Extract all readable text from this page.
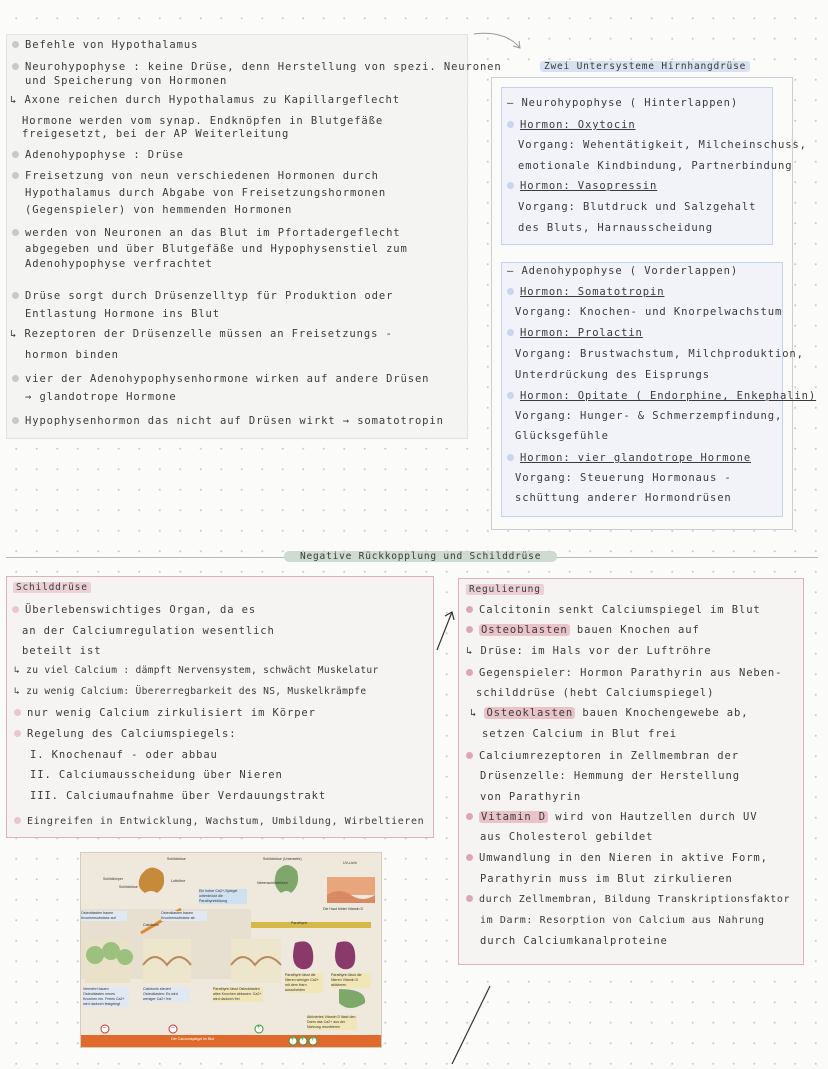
Befehle von Hypothalamus
Neurohypophyse : keine Drüse, denn Herstellung von spezi. Neuronen
und Speicherung von Hormonen
↳ Axone reichen durch Hypothalamus zu Kapillargeflecht
Hormone werden vom synap. Endknöpfen in Blutgefäße
freigesetzt, bei der AP Weiterleitung
Adenohypophyse : Drüse
Freisetzung von neun verschiedenen Hormonen durch
Hypothalamus durch Abgabe von Freisetzungshormonen
(Gegenspieler) von hemmenden Hormonen
werden von Neuronen an das Blut im Pfortadergeflecht
abgegeben und über Blutgefäße und Hypophysenstiel zum
Adenohypophyse verfrachtet
Drüse sorgt durch Drüsenzelltyp für Produktion oder
Entlastung Hormone ins Blut
↳ Rezeptoren der Drüsenzelle müssen an Freisetzungs -
hormon binden
vier der Adenohypophysenhormone wirken auf andere Drüsen
→ glandotrope Hormone
Hypophysenhormon das nicht auf Drüsen wirkt → somatotropin
Zwei Untersysteme Hirnhangdrüse
– Neurohypophyse ( Hinterlappen)
Hormon: Oxytocin
Vorgang: Wehentätigkeit, Milcheinschuss,
emotionale Kindbindung, Partnerbindung
Hormon: Vasopressin
Vorgang: Blutdruck und Salzgehalt
des Bluts, Harnausscheidung
– Adenohypophyse ( Vorderlappen)
Hormon: Somatotropin
Vorgang: Knochen- und Knorpelwachstum
Hormon: Prolactin
Vorgang: Brustwachstum, Milchproduktion,
Unterdrückung des Eisprungs
Hormon: Opitate ( Endorphine, Enkephalin)
Vorgang: Hunger- & Schmerzempfindung,
Glücksgefühle
Hormon: vier glandotrope Hormone
Vorgang: Steuerung Hormonaus -
schüttung anderer Hormondrüsen
Negative Rückkopplung und Schilddrüse
Schilddrüse
Überlebenswichtiges Organ, da es
an der Calciumregulation wesentlich
beteilt ist
↳ zu viel Calcium : dämpft Nervensystem, schwächt Muskelatur
↳ zu wenig Calcium: Übererregbarkeit des NS, Muskelkrämpfe
nur wenig Calcium zirkulisiert im Körper
Regelung des Calciumspiegels:
I. Knochenauf - oder abbau
II. Calciumausscheidung über Nieren
III. Calciumaufnahme über Verdauungstrakt
Eingreifen in Entwicklung, Wachstum, Umbildung, Wirbeltieren
Regulierung
Calcitonin senkt Calciumspiegel im Blut
Osteoblasten bauen Knochen auf
↳ Drüse: im Hals vor der Luftröhre
Gegenspieler: Hormon Parathyrin aus Neben-
schilddrüse (hebt Calciumspiegel)
↳ Osteoklasten bauen Knochengewebe ab,
setzen Calcium in Blut frei
Calciumrezeptoren in Zellmembran der
Drüsenzelle: Hemmung der Herstellung
von Parathyrin
Vitamin D wird von Hautzellen durch UV
aus Cholesterol gebildet
Umwandlung in den Nieren in aktive Form,
Parathyrin muss im Blut zirkulieren
durch Zellmembran, Bildung Transkriptionsfaktor
im Darm: Resorption von Calcium aus Nahrung
durch Calciumkanalproteine
Schilddrüse
Schildkörper
Schilddrüse
Luftröhre
Schilddrüse (Unterseite)
Nebenschilddrüsen
UV-Licht
Die Haut bildet Vitamin D
Ein hoher Ca2+-Spiegel unterdrückt die Parathyrinbildung
Osteoblasten bauen Knochensubstanz auf
Osteoklasten bauen Knochensubstanz ab
Calcitonin	Parathyrin
Vermehrt bauen Osteoblasten neues Knochen ein. Freies Ca2+ wird dadurch festgelegt
Calcitonin steuert Osteoklasten: Es wird weniger Ca2+ frei
Parathyrin lässt Osteoklasten altes Knochen abbauen. Ca2+ wird dadurch frei
Parathyrin lässt die Nieren weniger Ca2+ mit dem Harn ausscheiden
Parathyrin lässt die Nieren Vitamin D aktivieren
Aktiviertes Vitamin D lässt den Darm das Ca2+ aus der Nahrung resorbieren
Der Calciumspiegel im Blut
–	–	+
+ + +
